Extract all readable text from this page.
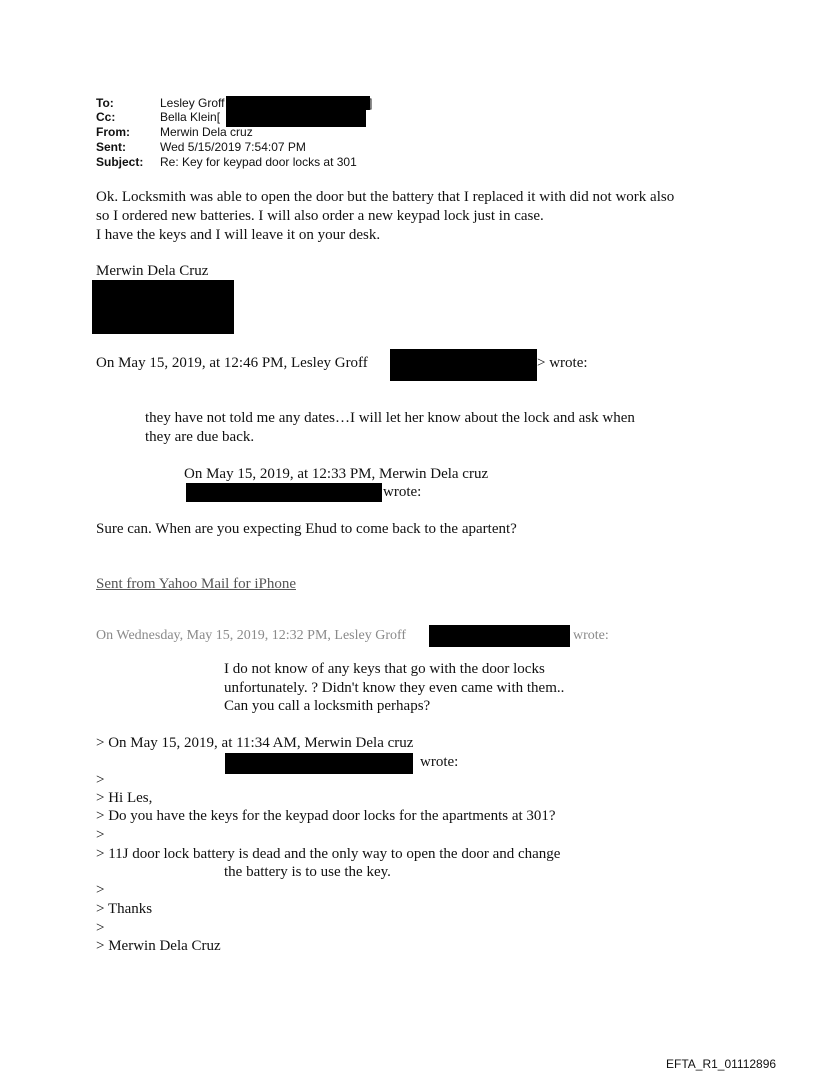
To:	Lesley Groff	]
Cc:	Bella Klein[
From:	Merwin Dela cruz
Sent:	Wed 5/15/2019 7:54:07 PM
Subject: Re: Key for keypad door locks at 301
Ok. Locksmith was able to open the door but the battery that I replaced it with did not work also
so I ordered new batteries. I will also order a new keypad lock just in case.
I have the keys and I will leave it on your desk.
Merwin Dela Cruz
On May 15, 2019, at 12:46 PM, Lesley Groff	> wrote:
they have not told me any dates…I will let her know about the lock and ask when
they are due back.
On May 15, 2019, at 12:33 PM, Merwin Dela cruz
wrote:
Sure can. When are you expecting Ehud to come back to the apartent?
Sent from Yahoo Mail for iPhone
On Wednesday, May 15, 2019, 12:32 PM, Lesley Groff	wrote:
I do not know of any keys that go with the door locks
unfortunately. ? Didn't know they even came with them..
Can you call a locksmith perhaps?
> On May 15, 2019, at 11:34 AM, Merwin Dela cruz
wrote:
>
> Hi Les,
> Do you have the keys for the keypad door locks for the apartments at 301?
>
> 11J door lock battery is dead and the only way to open the door and change
the battery is to use the key.
>
> Thanks
>
> Merwin Dela Cruz
EFTA_R1_01112896
